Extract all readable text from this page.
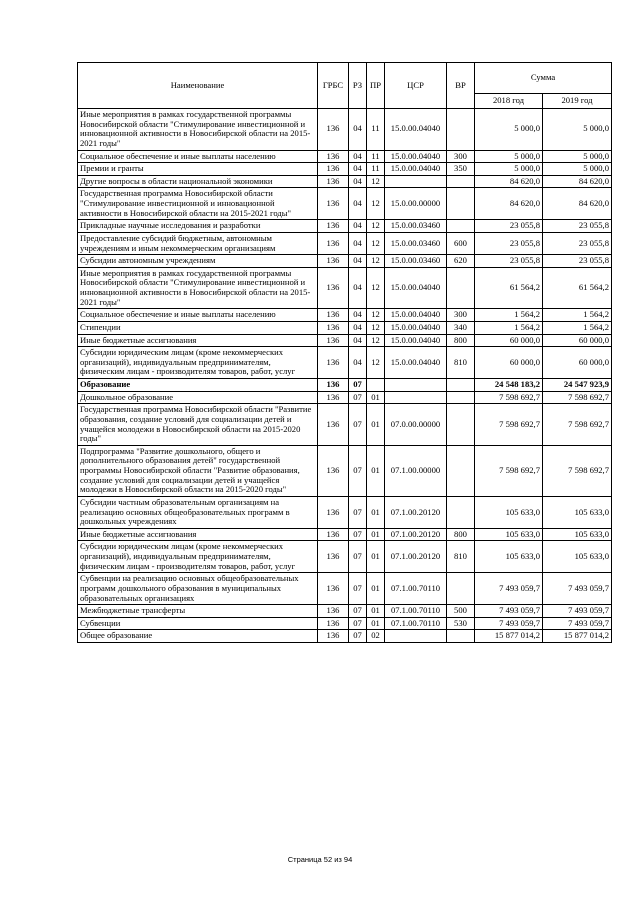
Наименование	ГРБС	РЗ	ПР	ЦСР	ВР	Сумма	
						2018 год	2019 год
Иные мероприятия в рамках государственной программы Новосибирской области "Стимулирование инвестиционной и инновационной активности в Новосибирской области на 2015-2021 годы"	136	04	11	15.0.00.04040		5 000,0	5 000,0
Социальное обеспечение и иные выплаты населению	136	04	11	15.0.00.04040	300	5 000,0	5 000,0
Премии и гранты	136	04	11	15.0.00.04040	350	5 000,0	5 000,0
Другие вопросы в области национальной экономики	136	04	12			84 620,0	84 620,0
Государственная программа Новосибирской области "Стимулирование инвестиционной и инновационной активности в Новосибирской области на 2015-2021 годы"	136	04	12	15.0.00.00000		84 620,0	84 620,0
Прикладные научные исследования и разработки	136	04	12	15.0.00.03460		23 055,8	23 055,8
Предоставление субсидий бюджетным, автономным учреждениям и иным некоммерческим организациям	136	04	12	15.0.00.03460	600	23 055,8	23 055,8
Субсидии автономным учреждениям	136	04	12	15.0.00.03460	620	23 055,8	23 055,8
Иные мероприятия в рамках государственной программы Новосибирской области "Стимулирование инвестиционной и инновационной активности в Новосибирской области на 2015-2021 годы"	136	04	12	15.0.00.04040		61 564,2	61 564,2
Социальное обеспечение и иные выплаты населению	136	04	12	15.0.00.04040	300	1 564,2	1 564,2
Стипендии	136	04	12	15.0.00.04040	340	1 564,2	1 564,2
Иные бюджетные ассигнования	136	04	12	15.0.00.04040	800	60 000,0	60 000,0
Субсидии юридическим лицам (кроме некоммерческих организаций), индивидуальным предпринимателям, физическим лицам - производителям товаров, работ, услуг	136	04	12	15.0.00.04040	810	60 000,0	60 000,0
Образование	136	07				24 548 183,2	24 547 923,9
Дошкольное образование	136	07	01			7 598 692,7	7 598 692,7
Государственная программа Новосибирской области "Развитие образования, создание условий для социализации детей и учащейся молодежи в Новосибирской области на 2015-2020 годы"	136	07	01	07.0.00.00000		7 598 692,7	7 598 692,7
Подпрограмма "Развитие дошкольного, общего и дополнительного образования детей" государственной программы Новосибирской области "Развитие образования, создание условий для социализации детей и учащейся молодежи в Новосибирской области на 2015-2020 годы"	136	07	01	07.1.00.00000		7 598 692,7	7 598 692,7
Субсидии частным образовательным организациям на реализацию основных общеобразовательных программ в дошкольных учреждениях	136	07	01	07.1.00.20120		105 633,0	105 633,0
Иные бюджетные ассигнования	136	07	01	07.1.00.20120	800	105 633,0	105 633,0
Субсидии юридическим лицам (кроме некоммерческих организаций), индивидуальным предпринимателям, физическим лицам - производителям товаров, работ, услуг	136	07	01	07.1.00.20120	810	105 633,0	105 633,0
Субвенции на реализацию основных общеобразовательных программ дошкольного образования в муниципальных образовательных организациях	136	07	01	07.1.00.70110		7 493 059,7	7 493 059,7
Межбюджетные трансферты	136	07	01	07.1.00.70110	500	7 493 059,7	7 493 059,7
Субвенции	136	07	01	07.1.00.70110	530	7 493 059,7	7 493 059,7
Общее образование	136	07	02			15 877 014,2	15 877 014,2
Страница 52 из 94
